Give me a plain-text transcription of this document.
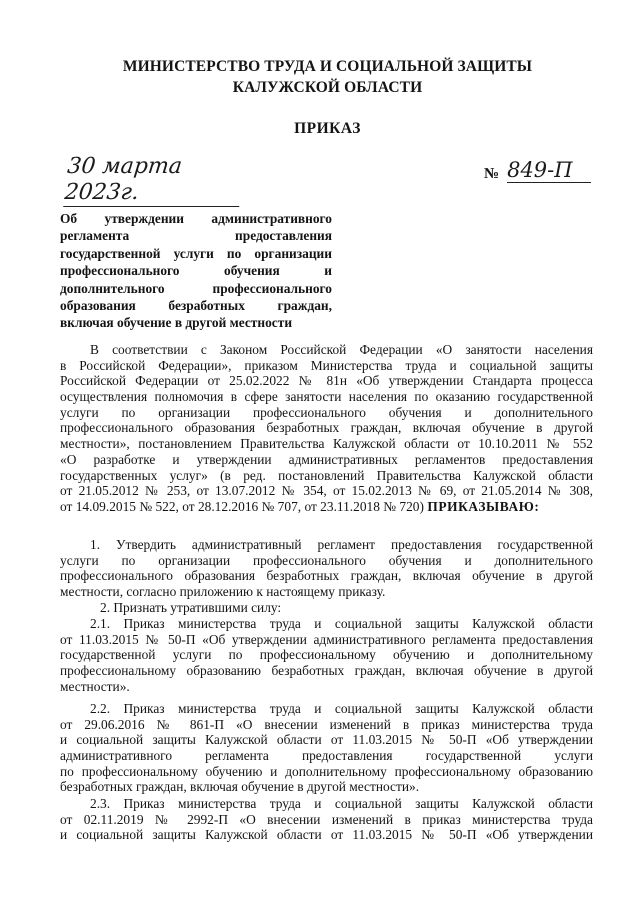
МИНИСТЕРСТВО ТРУДА И СОЦИАЛЬНОЙ ЗАЩИТЫ
КАЛУЖСКОЙ ОБЛАСТИ
ПРИКАЗ
30 марта 2023г.
№ 849-П
Об утверждении административного
регламента предоставления
государственной услуги по организации
профессионального обучения и
дополнительного профессионального
образования безработных граждан,
включая обучение в другой местности
В соответствии с Законом Российской Федерации «О занятости населения
в Российской Федерации», приказом Министерства труда и социальной защиты
Российской Федерации от 25.02.2022 № 81н «Об утверждении Стандарта процесса
осуществления полномочия в сфере занятости населения по оказанию государственной
услуги по организации профессионального обучения и дополнительного
профессионального образования безработных граждан, включая обучение в другой
местности», постановлением Правительства Калужской области от 10.10.2011 № 552
«О разработке и утверждении административных регламентов предоставления
государственных услуг» (в ред. постановлений Правительства Калужской области
от 21.05.2012 № 253, от 13.07.2012 № 354, от 15.02.2013 № 69, от 21.05.2014 № 308,
от 14.09.2015 № 522, от 28.12.2016 № 707, от 23.11.2018 № 720) ПРИКАЗЫВАЮ:
1. Утвердить административный регламент предоставления государственной
услуги по организации профессионального обучения и дополнительного
профессионального образования безработных граждан, включая обучение в другой
местности, согласно приложению к настоящему приказу.
2. Признать утратившими силу:
2.1. Приказ министерства труда и социальной защиты Калужской области
от 11.03.2015 № 50-П «Об утверждении административного регламента предоставления
государственной услуги по профессиональному обучению и дополнительному
профессиональному образованию безработных граждан, включая обучение в другой
местности».
2.2. Приказ министерства труда и социальной защиты Калужской области
от 29.06.2016 № 861-П «О внесении изменений в приказ министерства труда
и социальной защиты Калужской области от 11.03.2015 № 50-П «Об утверждении
административного регламента предоставления государственной услуги
по профессиональному обучению и дополнительному профессиональному образованию
безработных граждан, включая обучение в другой местности».
2.3. Приказ министерства труда и социальной защиты Калужской области
от 02.11.2019 № 2992-П «О внесении изменений в приказ министерства труда
и социальной защиты Калужской области от 11.03.2015 № 50-П «Об утверждении
